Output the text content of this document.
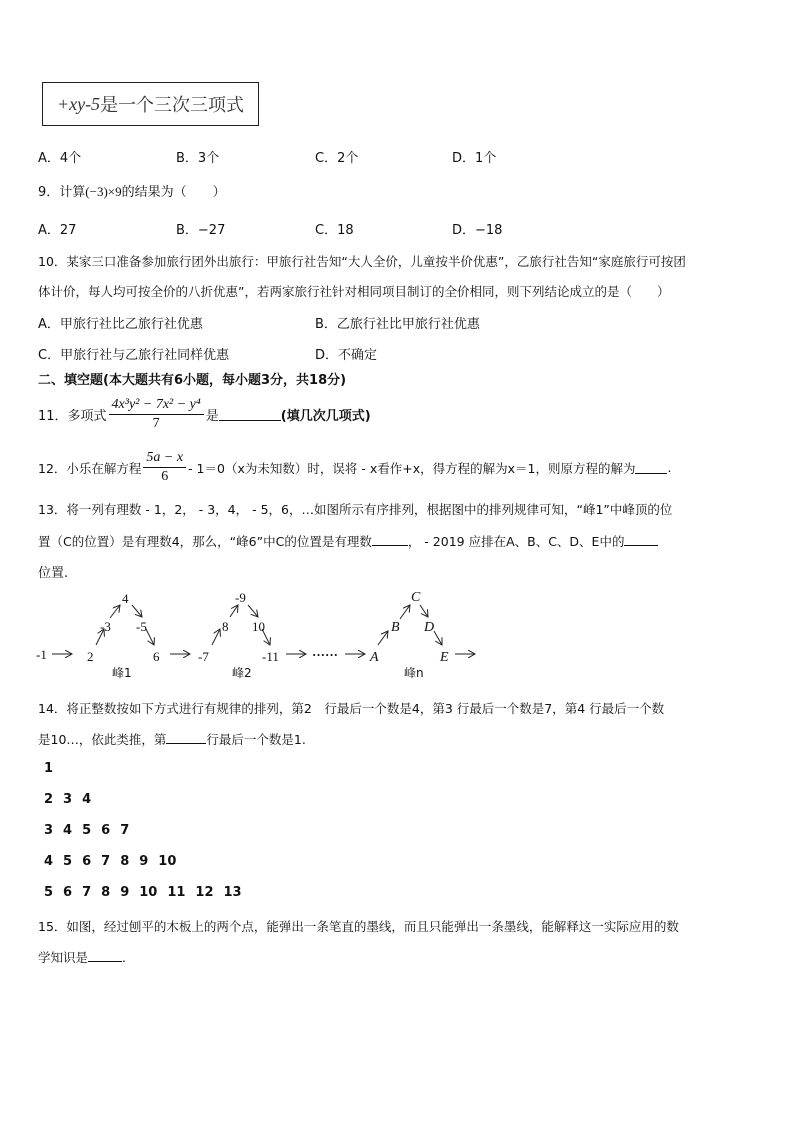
+xy-5 是一个三次三项式
A．4个	B．3个	C．2个	D．1个
9．计算(−3)×9的结果为（　　）
A．27	B．−27	C．18	D．−18
10．某家三口准备参加旅行团外出旅行：甲旅行社告知“大人全价，儿童按半价优惠”，乙旅行社告知“家庭旅行可按团
体计价，每人均可按全价的八折优惠”，若两家旅行社针对相同项目制订的全价相同，则下列结论成立的是（　　）
A．甲旅行社比乙旅行社优惠	B．乙旅行社比甲旅行社优惠
C．甲旅行社与乙旅行社同样优惠	D．不确定
二、填空题(本大题共有6小题，每小题3分，共18分)
11．多项式 $\frac{\text{4x³y² − 7x² − y⁴}}{7}$ 是	(填几次几项式)
12．小乐在解方程 $\frac{5a - x}{6} - 1=0(x$为未知数）时，误将 - x看作+x，得方程的解为x＝1，则原方程的解为	.
13．将一列有理数 - 1，2， - 3，4， - 5，6，…如图所示有序排列，根据图中的排列规律可知，“峰1”中峰顶的位
置（C的位置）是有理数4，那么，“峰6”中C的位置是有理数	， - 2019 应排在A、B、C、D、E中的
位置.
-1	2
-3
4
-5
6
峰1
-7
8
-9
10
-11
峰2
······ A
B
C
D
E
峰n
14．将正整数按如下方式进行有规律的排列，第2　行最后一个数是4，第3 行最后一个数是7，第4 行最后一个数
是10…，依此类推，第	行最后一个数是1.
1
2 3 4
3 4 5 6 7
4 5 6 7 8 9 10
5 6 7 8 9 10 11 12 13
15．如图，经过刨平的木板上的两个点，能弹出一条笔直的墨线，而且只能弹出一条墨线，能解释这一实际应用的数
学知识是	.
